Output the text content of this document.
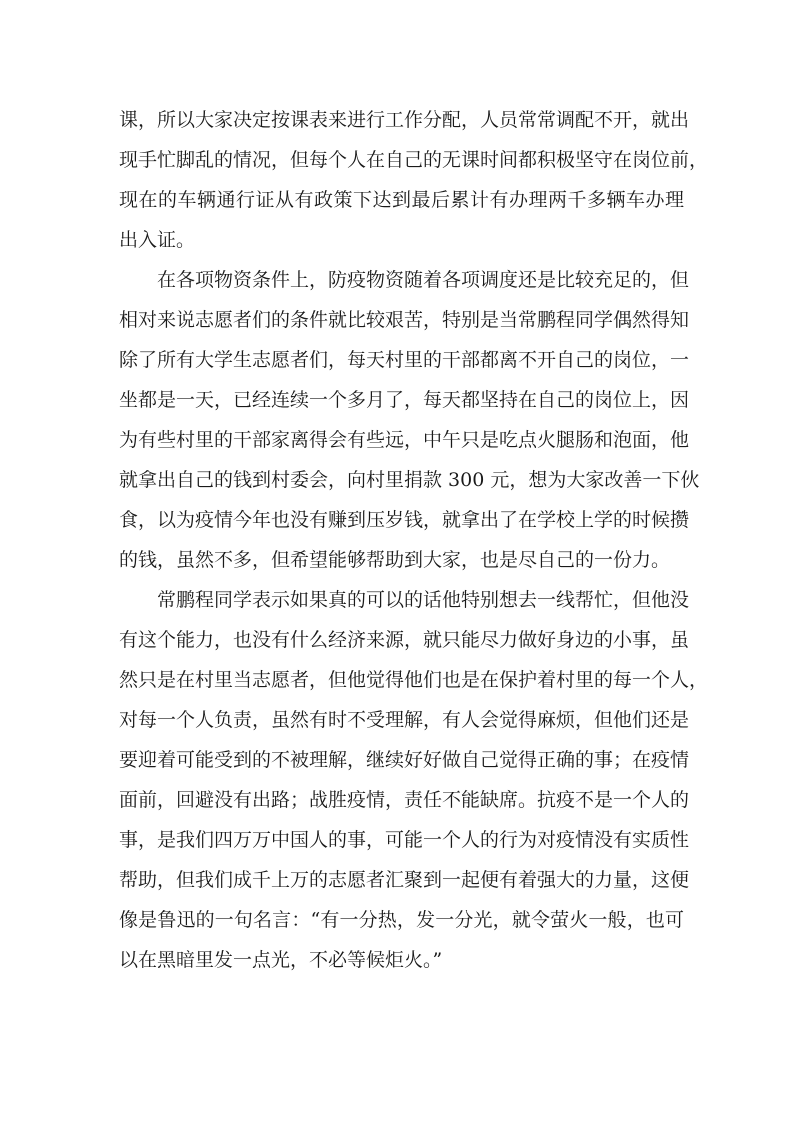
课，所以大家决定按课表来进行工作分配，人员常常调配不开，就出
现手忙脚乱的情况，但每个人在自己的无课时间都积极坚守在岗位前，
现在的车辆通行证从有政策下达到最后累计有办理两千多辆车办理
出入证。
在各项物资条件上，防疫物资随着各项调度还是比较充足的，但
相对来说志愿者们的条件就比较艰苦，特别是当常鹏程同学偶然得知
除了所有大学生志愿者们，每天村里的干部都离不开自己的岗位，一
坐都是一天，已经连续一个多月了，每天都坚持在自己的岗位上，因
为有些村里的干部家离得会有些远，中午只是吃点火腿肠和泡面，他
就拿出自己的钱到村委会，向村里捐款 300 元，想为大家改善一下伙
食，以为疫情今年也没有赚到压岁钱，就拿出了在学校上学的时候攒
的钱，虽然不多，但希望能够帮助到大家，也是尽自己的一份力。
常鹏程同学表示如果真的可以的话他特别想去一线帮忙，但他没
有这个能力，也没有什么经济来源，就只能尽力做好身边的小事，虽
然只是在村里当志愿者，但他觉得他们也是在保护着村里的每一个人，
对每一个人负责，虽然有时不受理解，有人会觉得麻烦，但他们还是
要迎着可能受到的不被理解，继续好好做自己觉得正确的事；在疫情
面前，回避没有出路；战胜疫情，责任不能缺席。抗疫不是一个人的
事，是我们四万万中国人的事，可能一个人的行为对疫情没有实质性
帮助，但我们成千上万的志愿者汇聚到一起便有着强大的力量，这便
像是鲁迅的一句名言：“有一分热，发一分光，就令萤火一般，也可
以在黑暗里发一点光，不必等候炬火。”
